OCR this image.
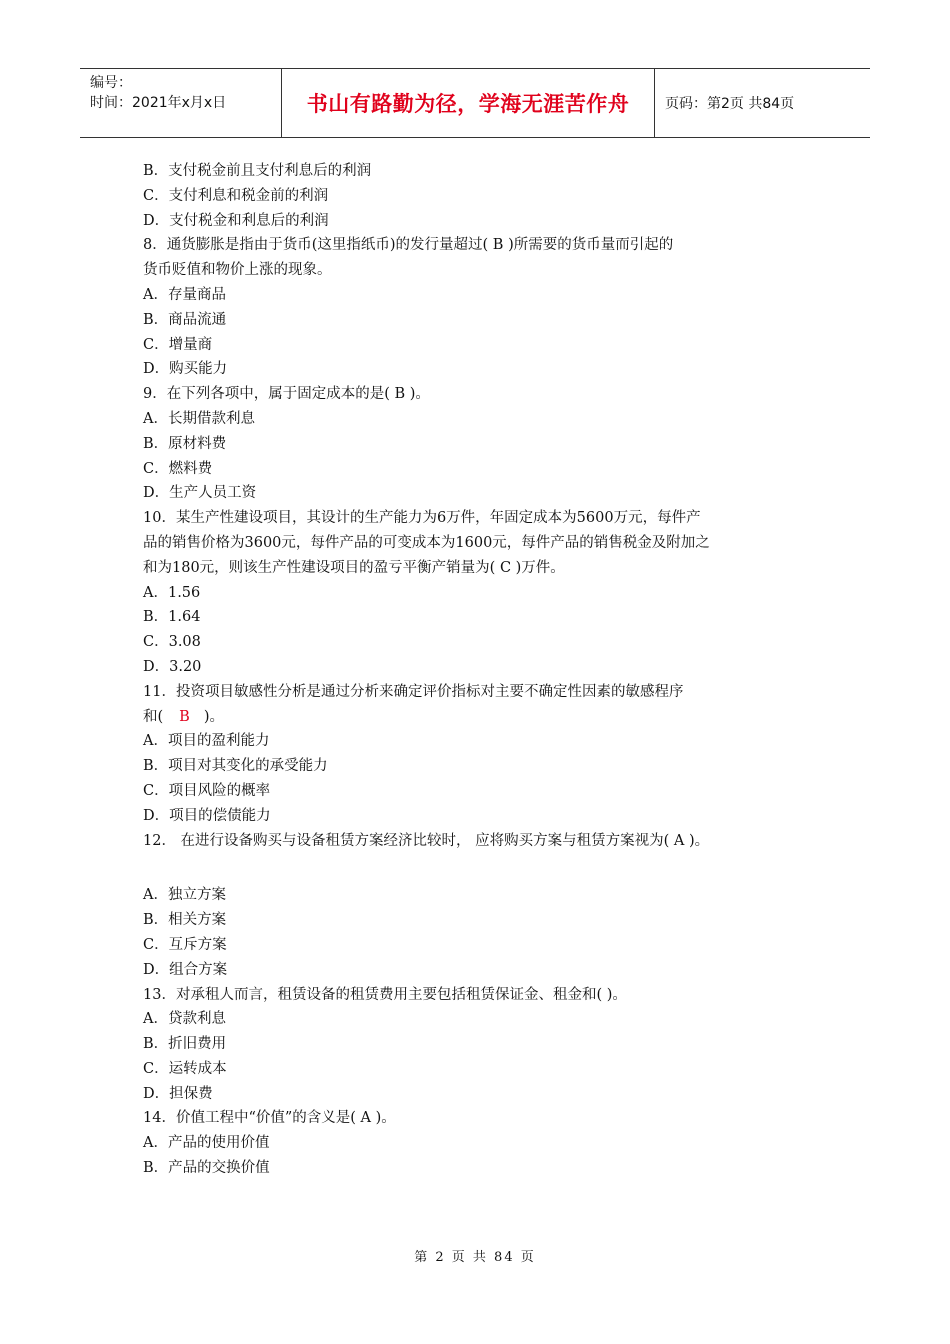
编号：
时间：2021年x月x日	书山有路勤为径，学海无涯苦作舟	页码：第2页 共84页
B．支付税金前且支付利息后的利润
C．支付利息和税金前的利润
D．支付税金和利息后的利润
8．通货膨胀是指由于货币(这里指纸币)的发行量超过( B )所需要的货币量而引起的
货币贬值和物价上涨的现象。
A．存量商品
B．商品流通
C．增量商
D．购买能力
9．在下列各项中，属于固定成本的是( B )。
A．长期借款利息
B．原材料费
C．燃料费
D．生产人员工资
10．某生产性建设项目，其设计的生产能力为6万件，年固定成本为5600万元，每件产
品的销售价格为3600元，每件产品的可变成本为1600元，每件产品的销售税金及附加之
和为180元，则该生产性建设项目的盈亏平衡产销量为( C )万件。
A．1.56
B．1.64
C．3.08
D．3.20
11．投资项目敏感性分析是通过分析来确定评价指标对主要不确定性因素的敏感程序
和( B )。
A．项目的盈利能力
B．项目对其变化的承受能力
C．项目风险的概率
D．项目的偿债能力
12． 在进行设备购买与设备租赁方案经济比较时， 应将购买方案与租赁方案视为( A )。
A．独立方案
B．相关方案
C．互斥方案
D．组合方案
13．对承租人而言，租赁设备的租赁费用主要包括租赁保证金、租金和( )。
A．贷款利息
B．折旧费用
C．运转成本
D．担保费
14．价值工程中“价值”的含义是( A )。
A．产品的使用价值
B．产品的交换价值
第 2 页 共 84 页
